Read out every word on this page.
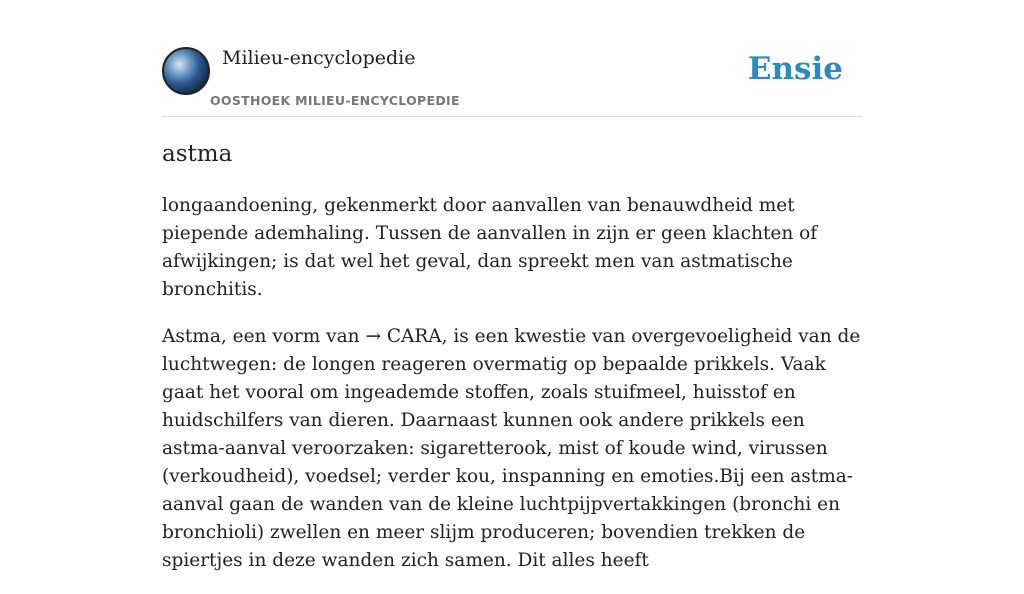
Milieu-encyclopedie
OOSTHOEK MILIEU-ENCYCLOPEDIE
Ensie
astma

longaandoening, gekenmerkt door aanvallen van benauwdheid met piepende ademhaling. Tussen de aanvallen in zijn er geen klachten of afwijkingen; is dat wel het geval, dan spreekt men van astmatische bronchitis.

Astma, een vorm van → CARA, is een kwestie van overgevoeligheid van de luchtwegen: de longen reageren overmatig op bepaalde prikkels. Vaak gaat het vooral om ingeademde stoffen, zoals stuifmeel, huisstof en huidschilfers van dieren. Daarnaast kunnen ook andere prikkels een astma-aanval veroorzaken: sigaretterook, mist of koude wind, virussen (verkoudheid), voedsel; verder kou, inspanning en emoties.Bij een astma-aanval gaan de wanden van de kleine luchtpijpvertakkingen (bronchi en bronchioli) zwellen en meer slijm produceren; bovendien trekken de spiertjes in deze wanden zich samen. Dit alles heeft
